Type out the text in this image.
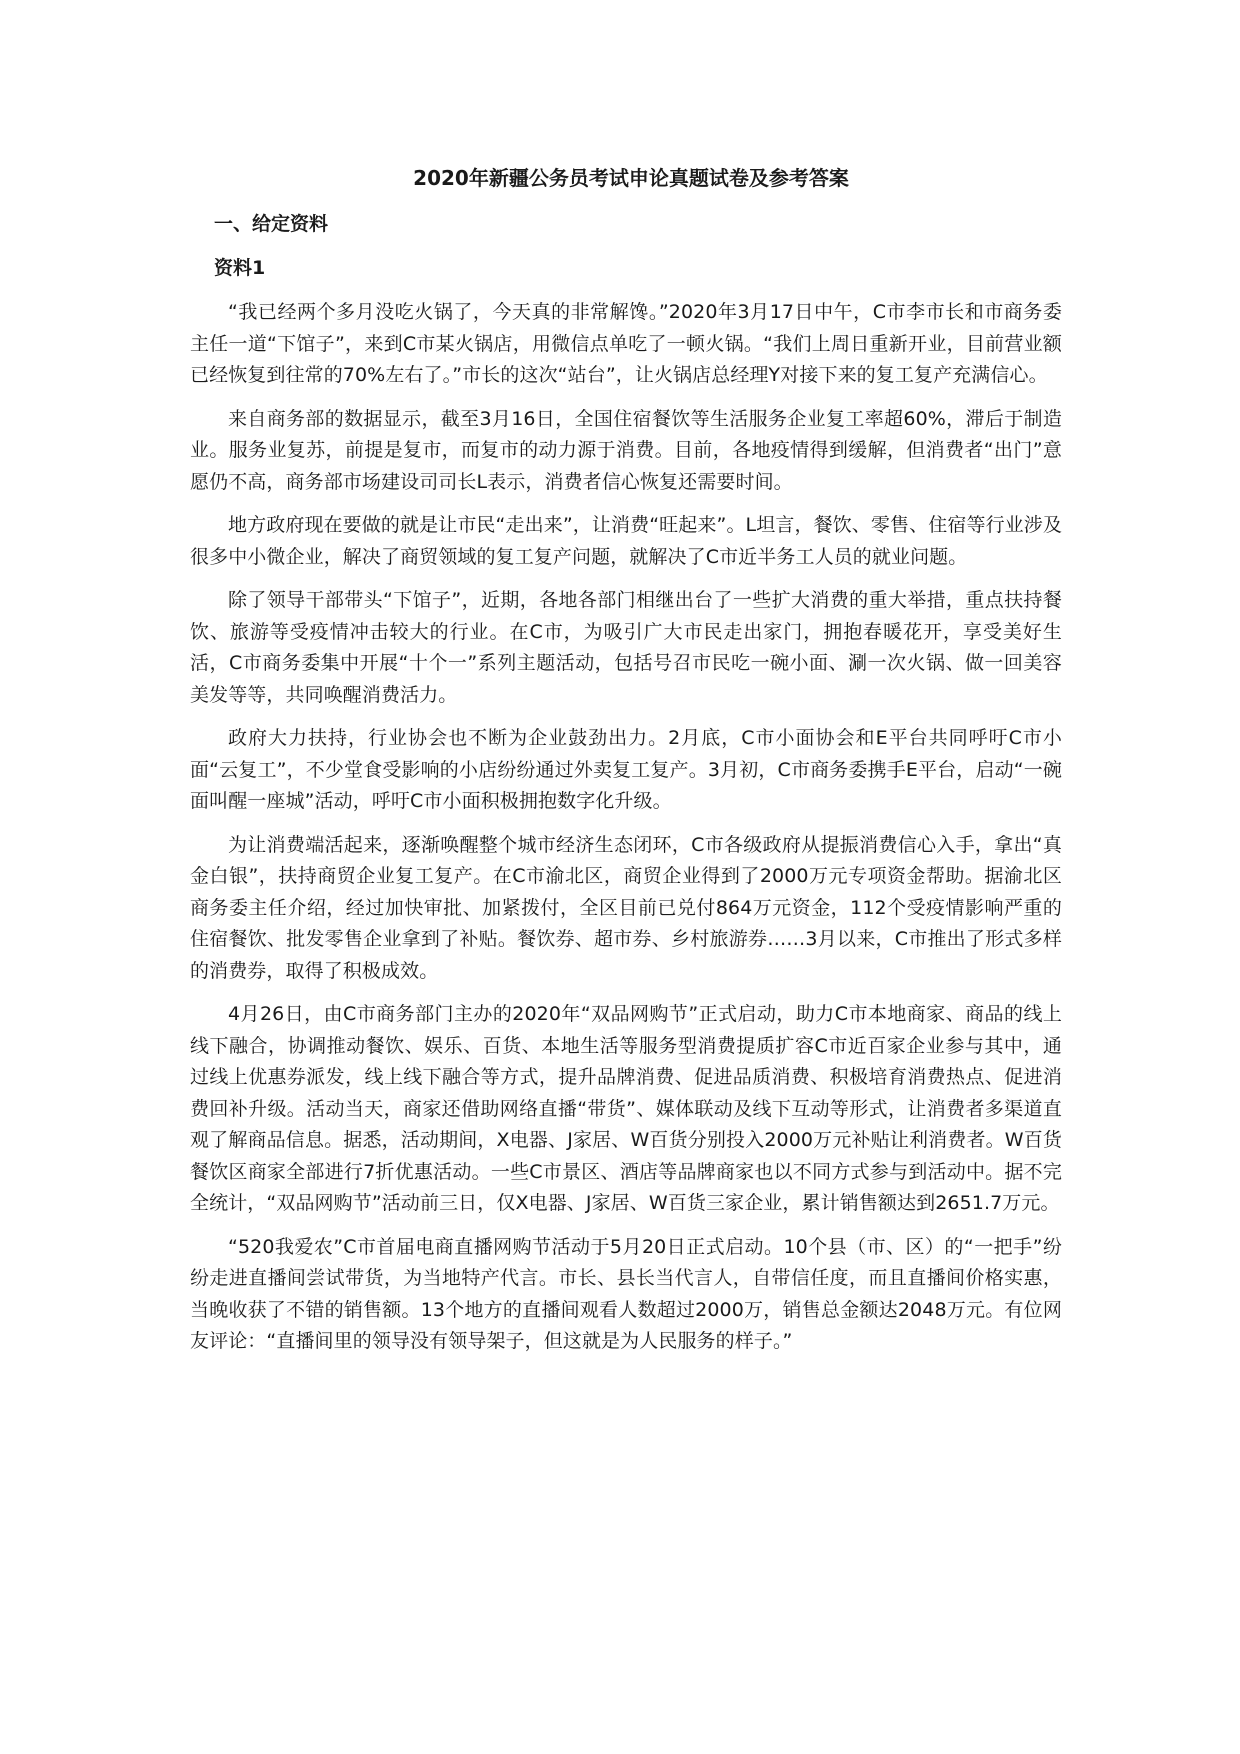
2020年新疆公务员考试申论真题试卷及参考答案
一、给定资料
资料1

“我已经两个多月没吃火锅了，今天真的非常解馋。”2020年3月17日中午，C市李市长和市商务委主任一道“下馆子”，来到C市某火锅店，用微信点单吃了一顿火锅。“我们上周日重新开业，目前营业额已经恢复到往常的70%左右了。”市长的这次“站台”，让火锅店总经理Y对接下来的复工复产充满信心。

来自商务部的数据显示，截至3月16日，全国住宿餐饮等生活服务企业复工率超60%，滞后于制造业。服务业复苏，前提是复市，而复市的动力源于消费。目前，各地疫情得到缓解，但消费者“出门”意愿仍不高，商务部市场建设司司长L表示，消费者信心恢复还需要时间。

地方政府现在要做的就是让市民“走出来”，让消费“旺起来”。L坦言，餐饮、零售、住宿等行业涉及很多中小微企业，解决了商贸领域的复工复产问题，就解决了C市近半务工人员的就业问题。

除了领导干部带头“下馆子”，近期，各地各部门相继出台了一些扩大消费的重大举措，重点扶持餐饮、旅游等受疫情冲击较大的行业。在C市，为吸引广大市民走出家门，拥抱春暖花开，享受美好生活，C市商务委集中开展“十个一”系列主题活动，包括号召市民吃一碗小面、涮一次火锅、做一回美容美发等等，共同唤醒消费活力。

政府大力扶持，行业协会也不断为企业鼓劲出力。2月底，C市小面协会和E平台共同呼吁C市小面“云复工”，不少堂食受影响的小店纷纷通过外卖复工复产。3月初，C市商务委携手E平台，启动“一碗面叫醒一座城”活动，呼吁C市小面积极拥抱数字化升级。

为让消费端活起来，逐渐唤醒整个城市经济生态闭环，C市各级政府从提振消费信心入手，拿出“真金白银”，扶持商贸企业复工复产。在C市渝北区，商贸企业得到了2000万元专项资金帮助。据渝北区商务委主任介绍，经过加快审批、加紧拨付，全区目前已兑付864万元资金，112个受疫情影响严重的住宿餐饮、批发零售企业拿到了补贴。餐饮券、超市券、乡村旅游券……3月以来，C市推出了形式多样的消费券，取得了积极成效。

4月26日，由C市商务部门主办的2020年“双品网购节”正式启动，助力C市本地商家、商品的线上线下融合，协调推动餐饮、娱乐、百货、本地生活等服务型消费提质扩容C市近百家企业参与其中，通过线上优惠券派发，线上线下融合等方式，提升品牌消费、促进品质消费、积极培育消费热点、促进消费回补升级。活动当天，商家还借助网络直播“带货”、媒体联动及线下互动等形式，让消费者多渠道直观了解商品信息。据悉，活动期间，X电器、J家居、W百货分别投入2000万元补贴让利消费者。W百货餐饮区商家全部进行7折优惠活动。一些C市景区、酒店等品牌商家也以不同方式参与到活动中。据不完全统计，“双品网购节”活动前三日，仅X电器、J家居、W百货三家企业，累计销售额达到2651.7万元。

“520我爱农”C市首届电商直播网购节活动于5月20日正式启动。10个县（市、区）的“一把手”纷纷走进直播间尝试带货，为当地特产代言。市长、县长当代言人，自带信任度，而且直播间价格实惠，当晚收获了不错的销售额。13个地方的直播间观看人数超过2000万，销售总金额达2048万元。有位网友评论：“直播间里的领导没有领导架子，但这就是为人民服务的样子。”
